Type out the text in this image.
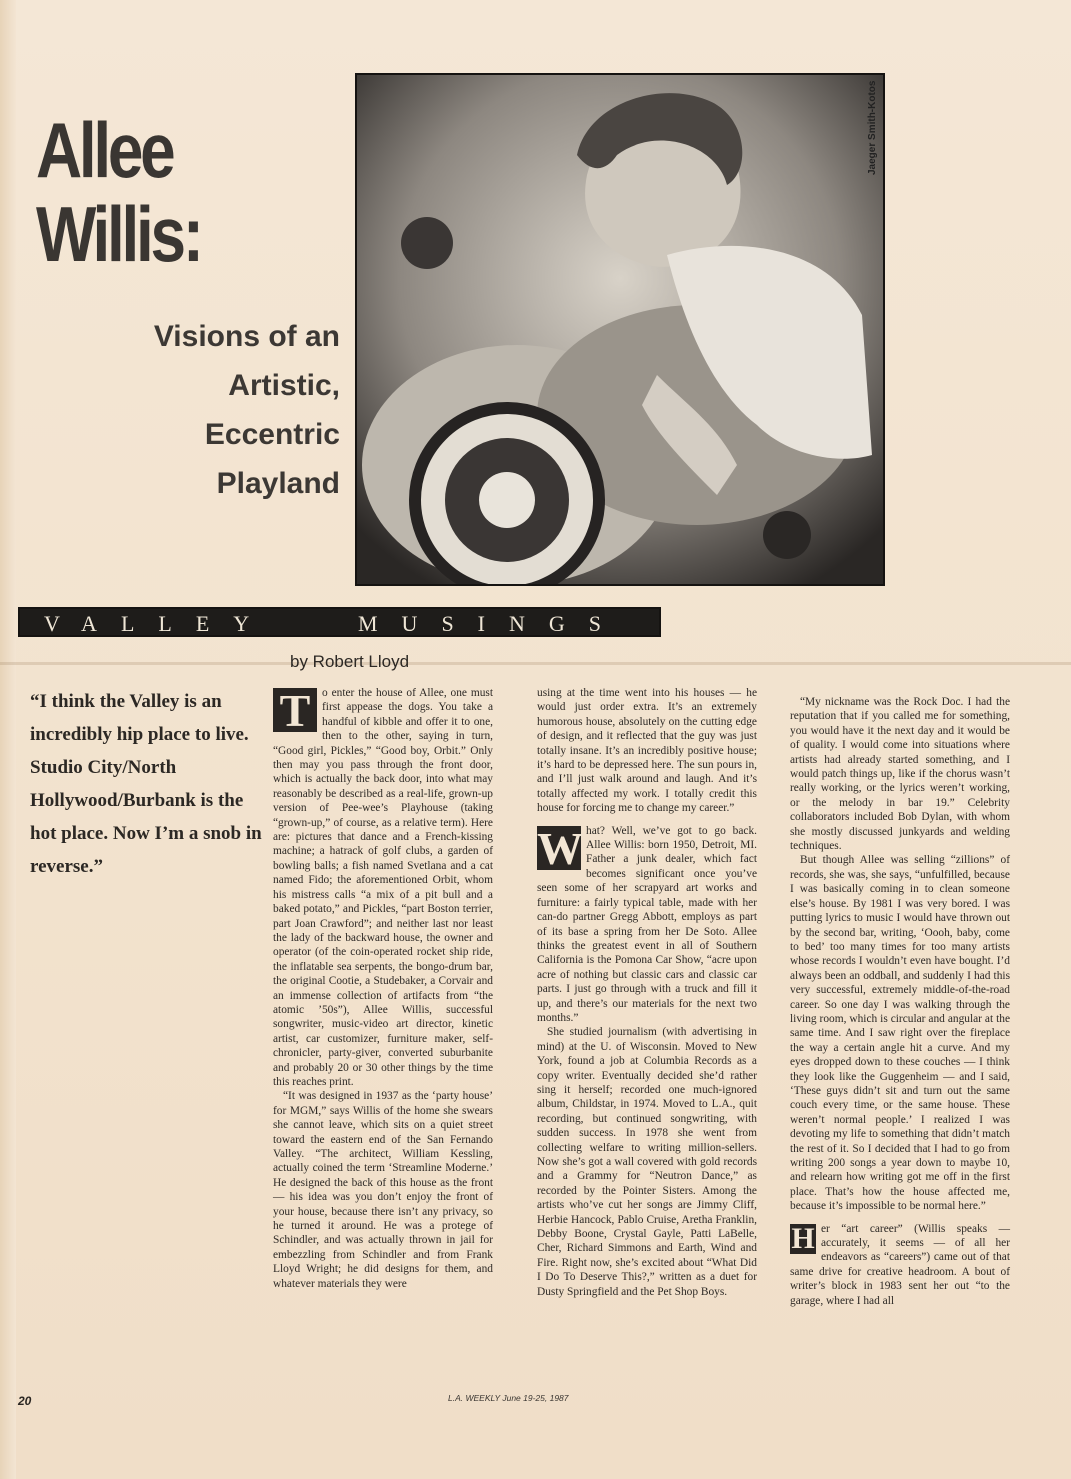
Allee Willis:

Visions of an Artistic, Eccentric Playland

Jaeger Smith-Kotos
VALLEY	MUSINGS

by Robert Lloyd

“I think the Valley is an incredibly hip place to live. Studio City/North Hollywood/Burbank is the hot place. Now I’m a snob in reverse.”

T	o enter the house of Allee, one must first appease the dogs. You take a handful of kibble and offer it to one, then to the other, saying in turn, “Good girl, Pickles,” “Good boy, Orbit.” Only then may you pass through the front door, which is actually the back door, into what may reasonably be described as a real-life, grown-up version of Pee-wee’s Playhouse (taking “grown-up,” of course, as a relative term). Here are: pictures that dance and a French-kissing machine; a hatrack of golf clubs, a garden of bowling balls; a fish named Svetlana and a cat named Fido; the aforementioned Orbit, whom his mistress calls “a mix of a pit bull and a baked potato,” and Pickles, “part Boston terrier, part Joan Crawford”; and neither last nor least the lady of the backward house, the owner and operator (of the coin-operated rocket ship ride, the inflatable sea serpents, the bongo-drum bar, the original Cootie, a Studebaker, a Corvair and an immense collection of artifacts from “the atomic ’50s”), Allee Willis, successful songwriter, music-video art director, kinetic artist, car customizer, furniture maker, self-chronicler, party-giver, converted suburbanite and probably 20 or 30 other things by the time this reaches print.

“It was designed in 1937 as the ‘party house’ for MGM,” says Willis of the home she swears she cannot leave, which sits on a quiet street toward the eastern end of the San Fernando Valley. “The architect, William Kessling, actually coined the term ‘Streamline Moderne.’ He designed the back of this house as the front — his idea was you don’t enjoy the front of your house, because there isn’t any privacy, so he turned it around. He was a protege of Schindler, and was actually thrown in jail for embezzling from Schindler and from Frank Lloyd Wright; he did designs for them, and whatever materials they were

using at the time went into his houses — he would just order extra. It’s an extremely humorous house, absolutely on the cutting edge of design, and it reflected that the guy was just totally insane. It’s an incredibly positive house; it’s hard to be depressed here. The sun pours in, and I’ll just walk around and laugh. And it’s totally affected my work. I totally credit this house for forcing me to change my career.”

W hat? Well, we’ve got to go back. Allee Willis: born 1950, Detroit, MI. Father a junk dealer, which fact becomes significant once you’ve seen some of her scrapyard art works and furniture: a fairly typical table, made with her can-do partner Gregg Abbott, employs as part of its base a spring from her De Soto. Allee thinks the greatest event in all of Southern California is the Pomona Car Show, “acre upon acre of nothing but classic cars and classic car parts. I just go through with a truck and fill it up, and there’s our materials for the next two months.”

She studied journalism (with advertising in mind) at the U. of Wisconsin. Moved to New York, found a job at Columbia Records as a copy writer. Eventually decided she’d rather sing it herself; recorded one much-ignored album, Childstar, in 1974. Moved to L.A., quit recording, but continued songwriting, with sudden success. In 1978 she went from collecting welfare to writing million-sellers. Now she’s got a wall covered with gold records and a Grammy for “Neutron Dance,” as recorded by the Pointer Sisters. Among the artists who’ve cut her songs are Jimmy Cliff, Herbie Hancock, Pablo Cruise, Aretha Franklin, Debby Boone, Crystal Gayle, Patti LaBelle, Cher, Richard Simmons and Earth, Wind and Fire. Right now, she’s excited about “What Did I Do To Deserve This?,” written as a duet for Dusty Springfield and the Pet Shop Boys.

“My nickname was the Rock Doc. I had the reputation that if you called me for something, you would have it the next day and it would be of quality. I would come into situations where artists had already started something, and I would patch things up, like if the chorus wasn’t really working, or the lyrics weren’t working, or the melody in bar 19.” Celebrity collaborators included Bob Dylan, with whom she mostly discussed junkyards and welding techniques.

But though Allee was selling “zillions” of records, she was, she says, “unfulfilled, because I was basically coming in to clean someone else’s house. By 1981 I was very bored. I was putting lyrics to music I would have thrown out by the second bar, writing, ‘Oooh, baby, come to bed’ too many times for too many artists whose records I wouldn’t even have bought. I’d always been an oddball, and suddenly I had this very successful, extremely middle-of-the-road career. So one day I was walking through the living room, which is circular and angular at the same time. And I saw right over the fireplace the way a certain angle hit a curve. And my eyes dropped down to these couches — I think they look like the Guggenheim — and I said, ‘These guys didn’t sit and turn out the same couch every time, or the same house. These weren’t normal people.’ I realized I was devoting my life to something that didn’t match the rest of it. So I decided that I had to go from writing 200 songs a year down to maybe 10, and relearn how writing got me off in the first place. That’s how the house affected me, because it’s impossible to be normal here.”

H er “art career” (Willis speaks — accurately, it seems — of all her endeavors as “careers”) came out of that same drive for creative headroom. A bout of writer’s block in 1983 sent her out “to the garage, where I had all

20	L.A. WEEKLY June 19-25, 1987
